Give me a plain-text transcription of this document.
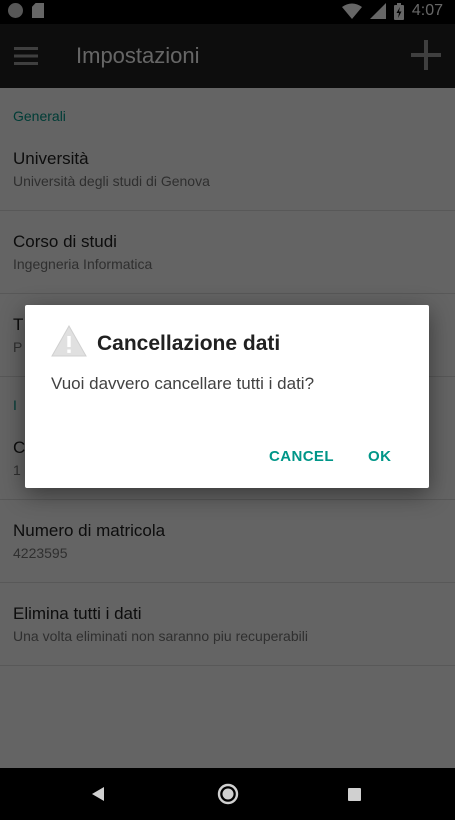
Cancellazione dati
Vuoi davvero cancellare tutti i dati?
CANCEL OK
